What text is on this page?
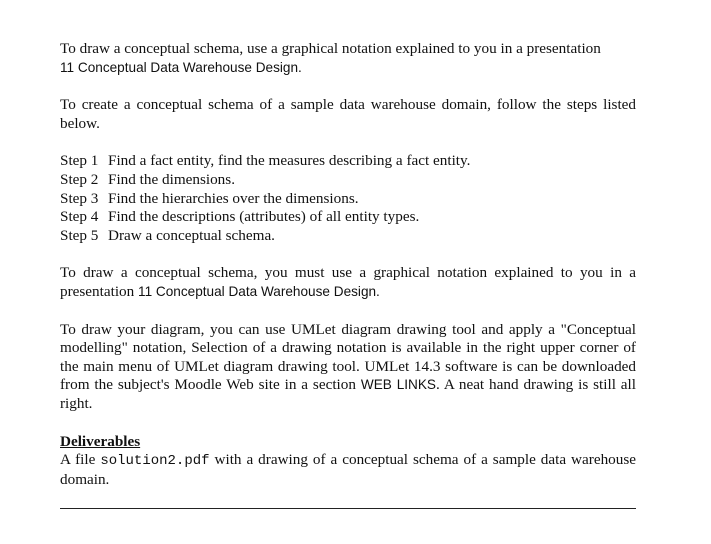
To draw a conceptual schema, use a graphical notation explained to you in a presentation
11 Conceptual Data Warehouse Design.

To create a conceptual schema of a sample data warehouse domain, follow the steps listed below.

Step 1 Find a fact entity, find the measures describing a fact entity.
Step 2 Find the dimensions.
Step 3 Find the hierarchies over the dimensions.
Step 4 Find the descriptions (attributes) of all entity types.
Step 5 Draw a conceptual schema.

To draw a conceptual schema, you must use a graphical notation explained to you in a presentation 11 Conceptual Data Warehouse Design.

To draw your diagram, you can use UMLet diagram drawing tool and apply a "Conceptual modelling" notation, Selection of a drawing notation is available in the right upper corner of the main menu of UMLet diagram drawing tool. UMLet 14.3 software is can be downloaded from the subject's Moodle Web site in a section WEB LINKS. A neat hand drawing is still all right.

Deliverables

A file solution2.pdf with a drawing of a conceptual schema of a sample data warehouse domain.
